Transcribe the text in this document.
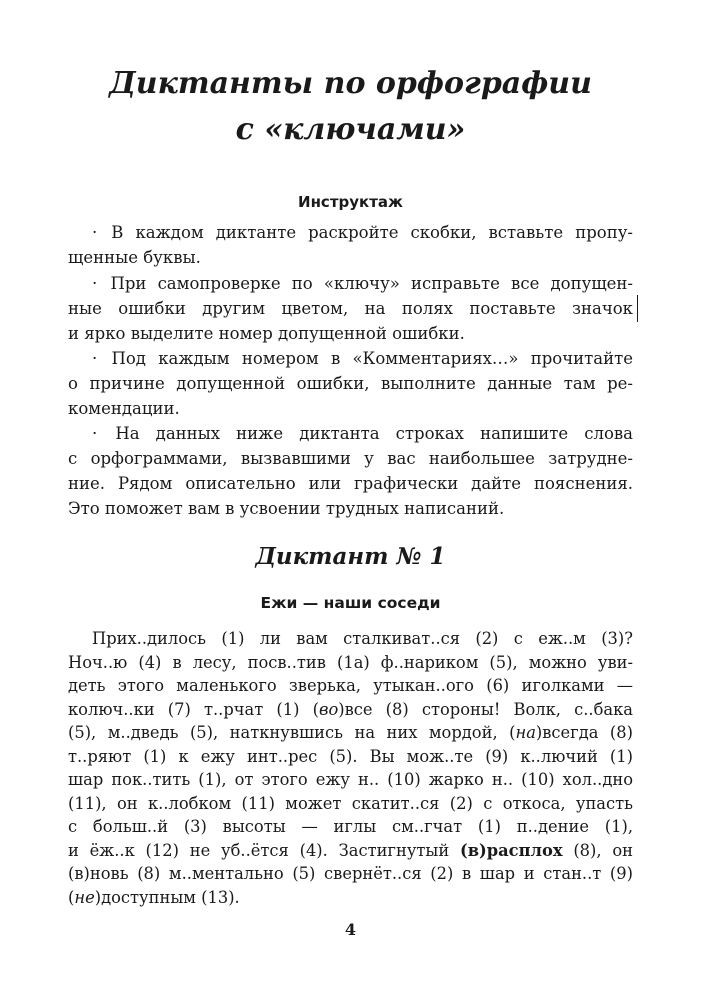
Диктанты по орфографии
с «ключами»
Инструктаж

· В каждом диктанте раскройте скобки, вставьте пропу-

щенные буквы.

· При самопроверке по «ключу» исправьте все допущен-

ные ошибки другим цветом, на полях поставьте значок

и ярко выделите номер допущенной ошибки.

· Под каждым номером в «Комментариях…» прочитайте

о причине допущенной ошибки, выполните данные там ре-

комендации.

· На данных ниже диктанта строках напишите слова

с орфограммами, вызвавшими у вас наибольшее затрудне-

ние. Рядом описательно или графически дайте пояснения.

Это поможет вам в усвоении трудных написаний.

Диктант № 1
Ежи — наши соседи

Прих..дилось (1) ли вам сталкиват..ся (2) с еж..м (3)?

Ноч..ю (4) в лесу, посв..тив (1а) ф..нариком (5), можно уви-

деть этого маленького зверька, утыкан..ого (6) иголками —

колюч..ки (7) т..рчат (1) (во)все (8) стороны! Волк, с..бака

(5), м..дведь (5), наткнувшись на них мордой, (на)всегда (8)

т..ряют (1) к ежу инт..рес (5). Вы мож..те (9) к..лючий (1)

шар пок..тить (1), от этого ежу н.. (10) жарко н.. (10) хол..дно

(11), он к..лобком (11) может скатит..ся (2) с откоса, упасть

с больш..й (3) высоты — иглы см..гчат (1) п..дение (1),

и ёж..к (12) не уб..ётся (4). Застигнутый (в)расплох (8), он

(в)новь (8) м..ментально (5) свернёт..ся (2) в шар и стан..т (9)

(не)доступным (13).

4
